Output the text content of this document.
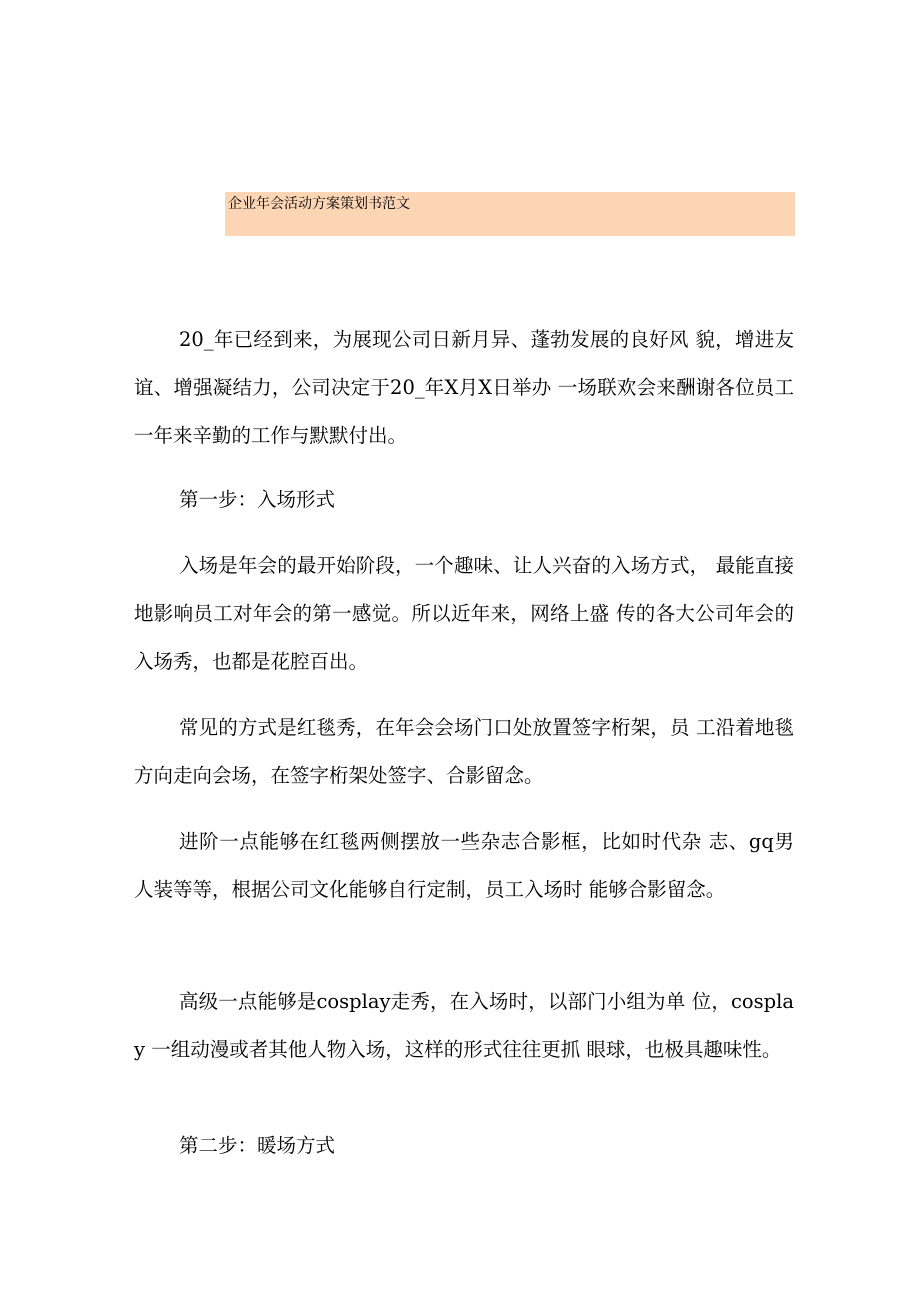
企业年会活动方案策划书范文

20_年已经到来，为展现公司日新月异、蓬勃发展的良好风 貌，增进友谊、增强凝结力，公司决定于20_年X月X日举办 一场联欢会来酬谢各位员工一年来辛勤的工作与默默付出。

第一步：入场形式

入场是年会的最开始阶段，一个趣味、让人兴奋的入场方式， 最能直接地影响员工对年会的第一感觉。所以近年来，网络上盛 传的各大公司年会的入场秀，也都是花腔百出。

常见的方式是红毯秀，在年会会场门口处放置签字桁架，员 工沿着地毯方向走向会场，在签字桁架处签字、合影留念。

进阶一点能够在红毯两侧摆放一些杂志合影框，比如时代杂 志、gq男人装等等，根据公司文化能够自行定制，员工入场时 能够合影留念。

高级一点能够是cosplay走秀，在入场时，以部门小组为单 位，cosplay 一组动漫或者其他人物入场，这样的形式往往更抓 眼球，也极具趣味性。

第二步：暖场方式
